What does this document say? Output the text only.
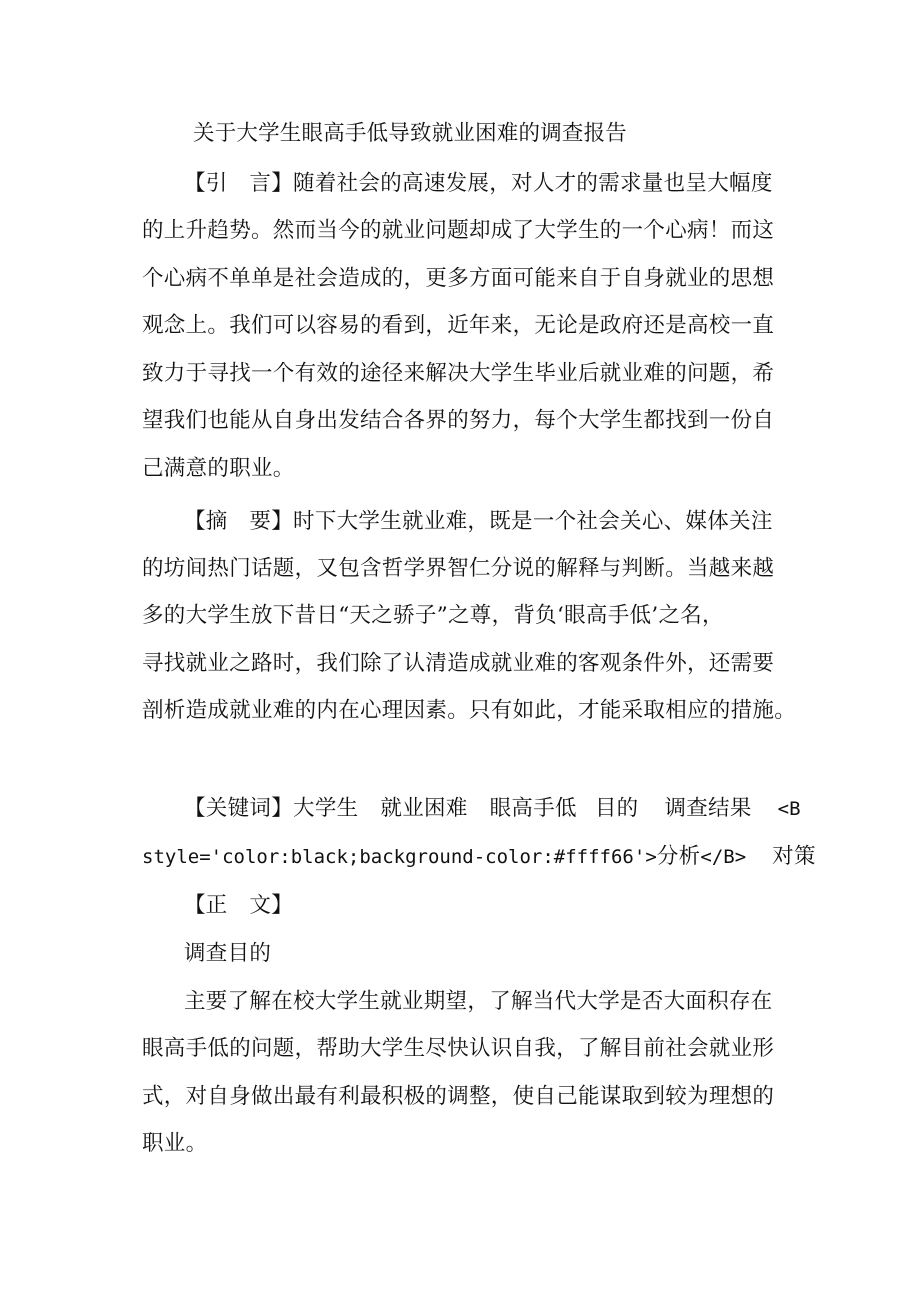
关于大学生眼高手低导致就业困难的调查报告
【引　言】随着社会的高速发展，对人才的需求量也呈大幅度
的上升趋势。然而当今的就业问题却成了大学生的一个心病！而这
个心病不单单是社会造成的，更多方面可能来自于自身就业的思想
观念上。我们可以容易的看到，近年来，无论是政府还是高校一直
致力于寻找一个有效的途径来解决大学生毕业后就业难的问题，希
望我们也能从自身出发结合各界的努力，每个大学生都找到一份自
己满意的职业。
【摘　要】时下大学生就业难，既是一个社会关心、媒体关注
的坊间热门话题，又包含哲学界智仁分说的解释与判断。当越来越
多的大学生放下昔日“天之骄子”之尊，背负‘眼高手低’之名，
寻找就业之路时，我们除了认清造成就业难的客观条件外，还需要
剖析造成就业难的内在心理因素。只有如此，才能采取相应的措施。
【关键词】大学生 就业困难 眼高手低 目的 调查结果 <B
style='color:black;background-color:#ffff66'>分析</B> 对策
【正　文】
调查目的
主要了解在校大学生就业期望，了解当代大学是否大面积存在
眼高手低的问题，帮助大学生尽快认识自我，了解目前社会就业形
式，对自身做出最有利最积极的调整，使自己能谋取到较为理想的
职业。
